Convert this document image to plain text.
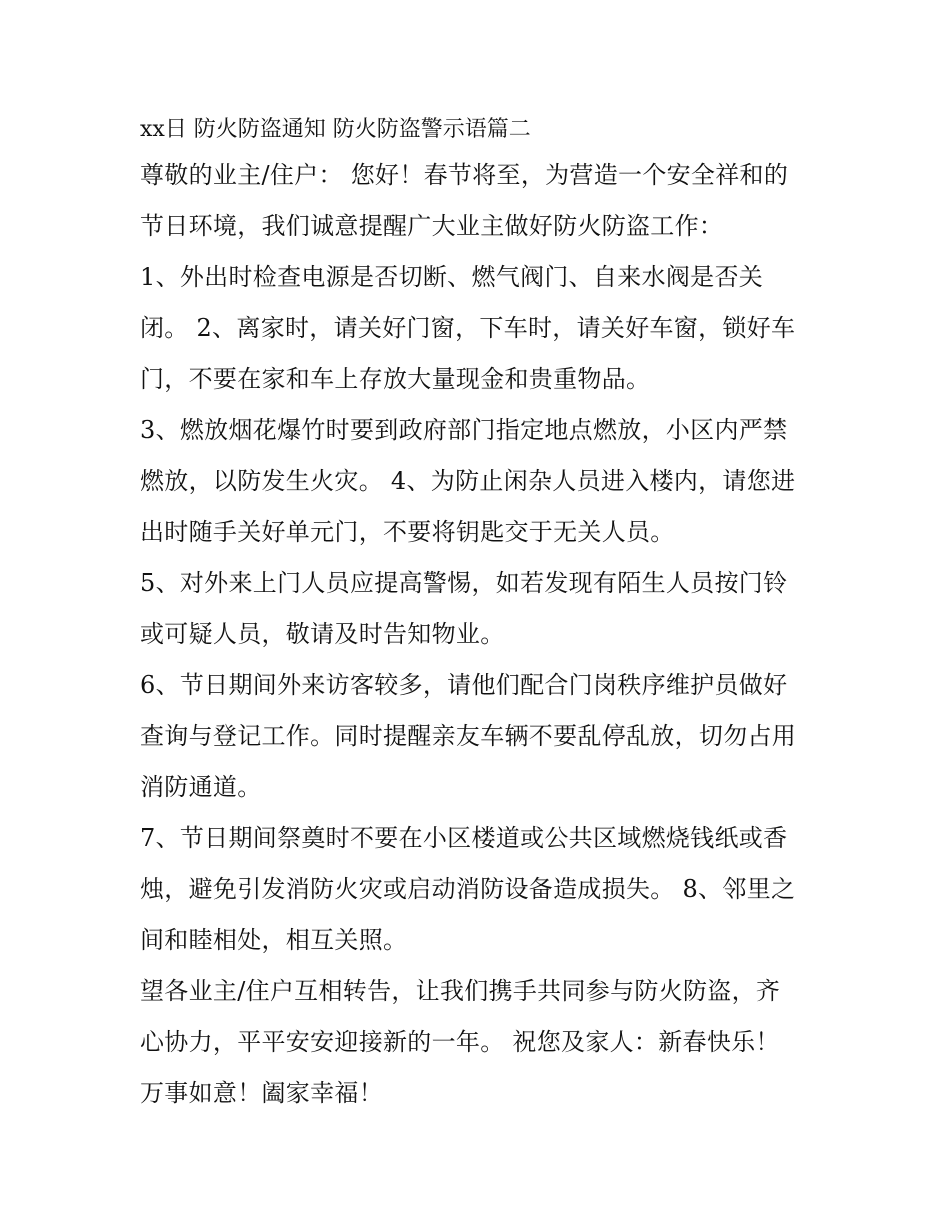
xx日 防火防盗通知 防火防盗警示语篇二

尊敬的业主/住户： 您好！春节将至，为营造一个安全祥和的
节日环境，我们诚意提醒广大业主做好防火防盗工作：

1、外出时检查电源是否切断、燃气阀门、自来水阀是否关
闭。 2、离家时，请关好门窗，下车时，请关好车窗，锁好车
门，不要在家和车上存放大量现金和贵重物品。

3、燃放烟花爆竹时要到政府部门指定地点燃放，小区内严禁
燃放，以防发生火灾。 4、为防止闲杂人员进入楼内，请您进
出时随手关好单元门，不要将钥匙交于无关人员。

5、对外来上门人员应提高警惕，如若发现有陌生人员按门铃
或可疑人员，敬请及时告知物业。

6、节日期间外来访客较多，请他们配合门岗秩序维护员做好
查询与登记工作。同时提醒亲友车辆不要乱停乱放，切勿占用
消防通道。

7、节日期间祭奠时不要在小区楼道或公共区域燃烧钱纸或香
烛，避免引发消防火灾或启动消防设备造成损失。 8、邻里之
间和睦相处，相互关照。

望各业主/住户互相转告，让我们携手共同参与防火防盗，齐
心协力，平平安安迎接新的一年。 祝您及家人：新春快乐！
万事如意！阖家幸福！
